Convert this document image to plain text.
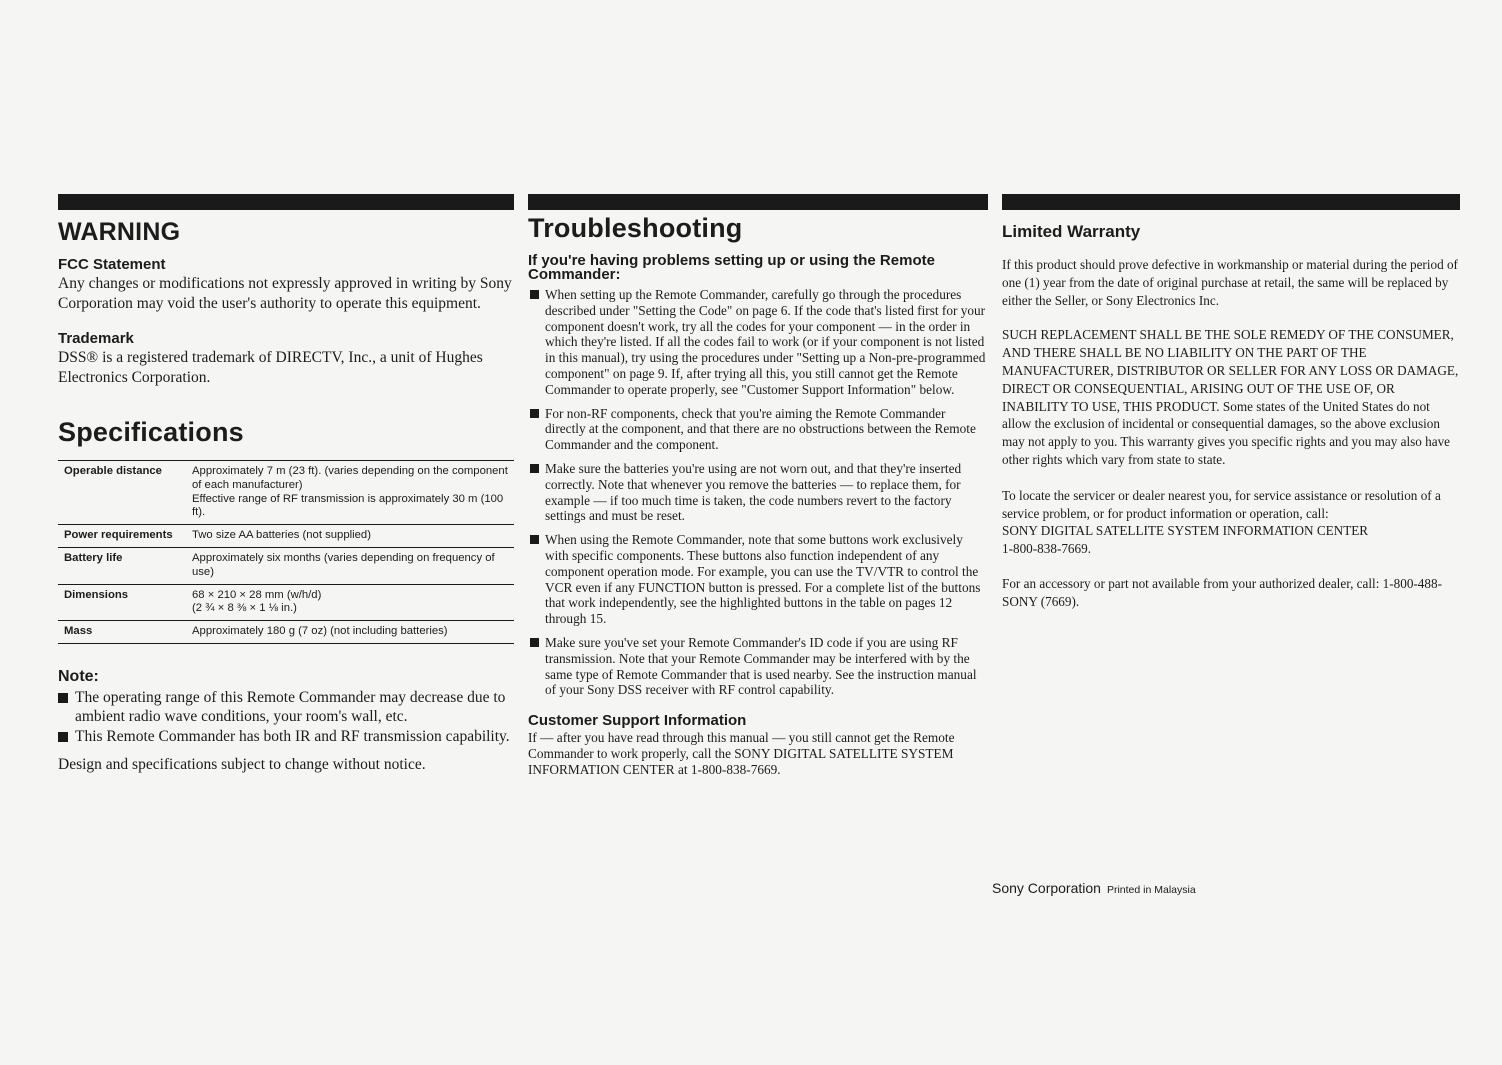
WARNING
FCC Statement

Any changes or modifications not expressly approved in writing by Sony Corporation may void the user's authority to operate this equipment.

Trademark

DSS® is a registered trademark of DIRECTV, Inc., a unit of Hughes Electronics Corporation.

Specifications
Operable distance	Approximately 7 m (23 ft). (varies depending on the component of each manufacturer)
Effective range of RF transmission is approximately 30 m (100 ft).

Power requirements	Two size AA batteries (not supplied)

Battery life	Approximately six months (varies depending on frequency of use)

Dimensions	68 × 210 × 28 mm (w/h/d)
(2 ¾ × 8 ⅜ × 1 ⅛ in.)

Mass	Approximately 180 g (7 oz) (not including batteries)
Note:
The operating range of this Remote Commander may decrease due to ambient radio wave conditions, your room's wall, etc.
This Remote Commander has both IR and RF transmission capability.

Design and specifications subject to change without notice.

Troubleshooting
If you're having problems setting up or using the Remote Commander:
When setting up the Remote Commander, carefully go through the procedures described under "Setting the Code" on page 6. If the code that's listed first for your component doesn't work, try all the codes for your component — in the order in which they're listed. If all the codes fail to work (or if your component is not listed in this manual), try using the procedures under "Setting up a Non-pre-programmed component" on page 9. If, after trying all this, you still cannot get the Remote Commander to operate properly, see "Customer Support Information" below.
For non-RF components, check that you're aiming the Remote Commander directly at the component, and that there are no obstructions between the Remote Commander and the component.
Make sure the batteries you're using are not worn out, and that they're inserted correctly. Note that whenever you remove the batteries — to replace them, for example — if too much time is taken, the code numbers revert to the factory settings and must be reset.
When using the Remote Commander, note that some buttons work exclusively with specific components. These buttons also function independent of any component operation mode. For example, you can use the TV/VTR to control the VCR even if any FUNCTION button is pressed. For a complete list of the buttons that work independently, see the highlighted buttons in the table on pages 12 through 15.
Make sure you've set your Remote Commander's ID code if you are using RF transmission. Note that your Remote Commander may be interfered with by the same type of Remote Commander that is used nearby. See the instruction manual of your Sony DSS receiver with RF control capability.
Customer Support Information

If — after you have read through this manual — you still cannot get the Remote Commander to work properly, call the SONY DIGITAL SATELLITE SYSTEM INFORMATION CENTER at 1-800-838-7669.

Limited Warranty

If this product should prove defective in workmanship or material during the period of one (1) year from the date of original purchase at retail, the same will be replaced by either the Seller, or Sony Electronics Inc.

SUCH REPLACEMENT SHALL BE THE SOLE REMEDY OF THE CONSUMER, AND THERE SHALL BE NO LIABILITY ON THE PART OF THE MANUFACTURER, DISTRIBUTOR OR SELLER FOR ANY LOSS OR DAMAGE, DIRECT OR CONSEQUENTIAL, ARISING OUT OF THE USE OF, OR INABILITY TO USE, THIS PRODUCT. Some states of the United States do not allow the exclusion of incidental or consequential damages, so the above exclusion may not apply to you. This warranty gives you specific rights and you may also have other rights which vary from state to state.

To locate the servicer or dealer nearest you, for service assistance or resolution of a service problem, or for product information or operation, call:

SONY DIGITAL SATELLITE SYSTEM INFORMATION CENTER

1-800-838-7669.

For an accessory or part not available from your authorized dealer, call: 1-800-488-SONY (7669).

Sony Corporation Printed in Malaysia
